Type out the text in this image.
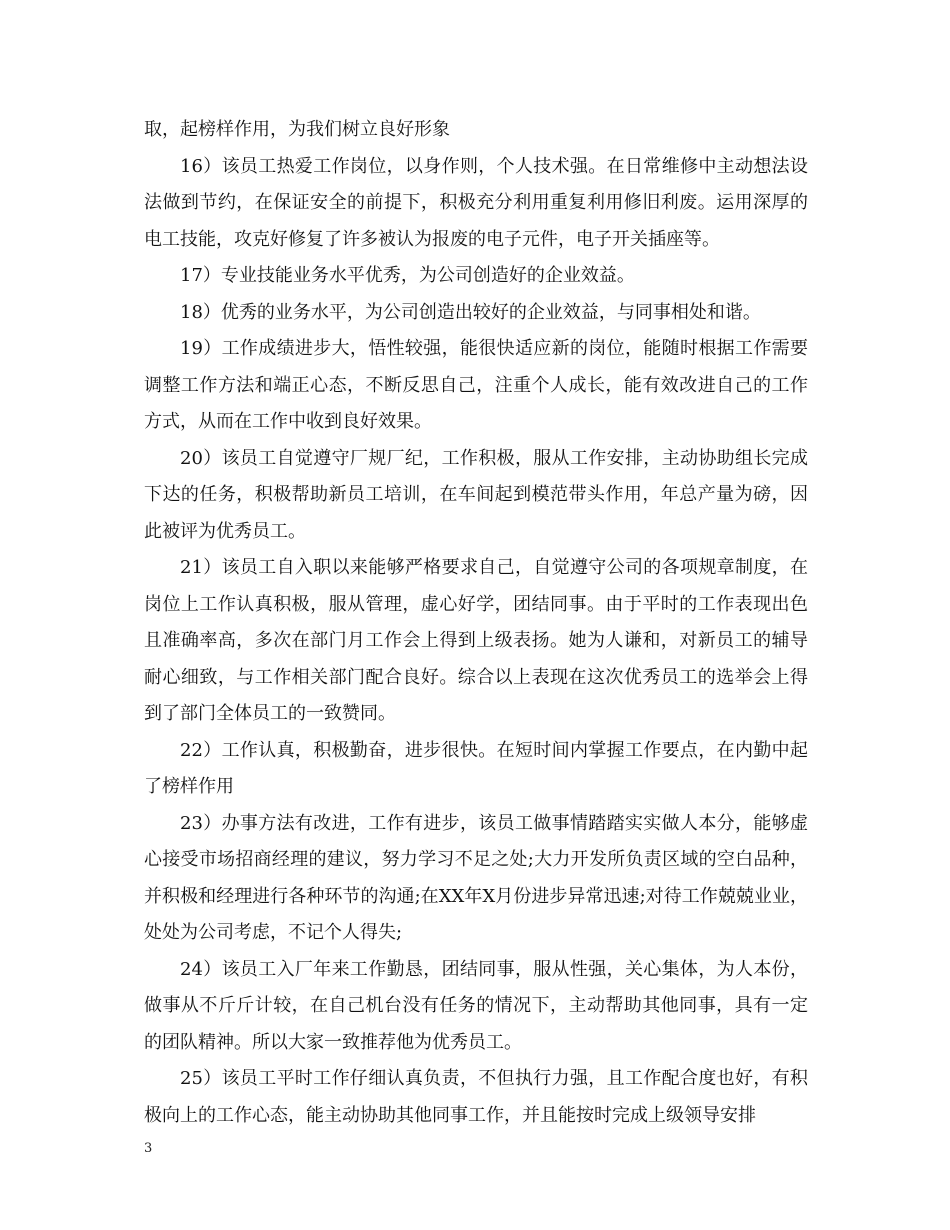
取，起榜样作用，为我们树立良好形象

16）该员工热爱工作岗位，以身作则，个人技术强。在日常维修中主动想法设法做到节约，在保证安全的前提下，积极充分利用重复利用修旧利废。运用深厚的电工技能，攻克好修复了许多被认为报废的电子元件，电子开关插座等。

17）专业技能业务水平优秀，为公司创造好的企业效益。

18）优秀的业务水平，为公司创造出较好的企业效益，与同事相处和谐。

19）工作成绩进步大，悟性较强，能很快适应新的岗位，能随时根据工作需要调整工作方法和端正心态，不断反思自己，注重个人成长，能有效改进自己的工作方式，从而在工作中收到良好效果。

20）该员工自觉遵守厂规厂纪，工作积极，服从工作安排，主动协助组长完成下达的任务，积极帮助新员工培训，在车间起到模范带头作用，年总产量为磅，因此被评为优秀员工。

21）该员工自入职以来能够严格要求自己，自觉遵守公司的各项规章制度，在岗位上工作认真积极，服从管理，虚心好学，团结同事。由于平时的工作表现出色且准确率高，多次在部门月工作会上得到上级表扬。她为人谦和，对新员工的辅导耐心细致，与工作相关部门配合良好。综合以上表现在这次优秀员工的选举会上得到了部门全体员工的一致赞同。

22）工作认真，积极勤奋，进步很快。在短时间内掌握工作要点，在内勤中起了榜样作用

23）办事方法有改进，工作有进步，该员工做事情踏踏实实做人本分，能够虚心接受市场招商经理的建议，努力学习不足之处;大力开发所负责区域的空白品种，并积极和经理进行各种环节的沟通;在XX年X月份进步异常迅速;对待工作兢兢业业，处处为公司考虑，不记个人得失;

24）该员工入厂年来工作勤恳，团结同事，服从性强，关心集体，为人本份，做事从不斤斤计较，在自己机台没有任务的情况下，主动帮助其他同事，具有一定的团队精神。所以大家一致推荐他为优秀员工。

25）该员工平时工作仔细认真负责，不但执行力强，且工作配合度也好，有积极向上的工作心态，能主动协助其他同事工作，并且能按时完成上级领导安排

3
